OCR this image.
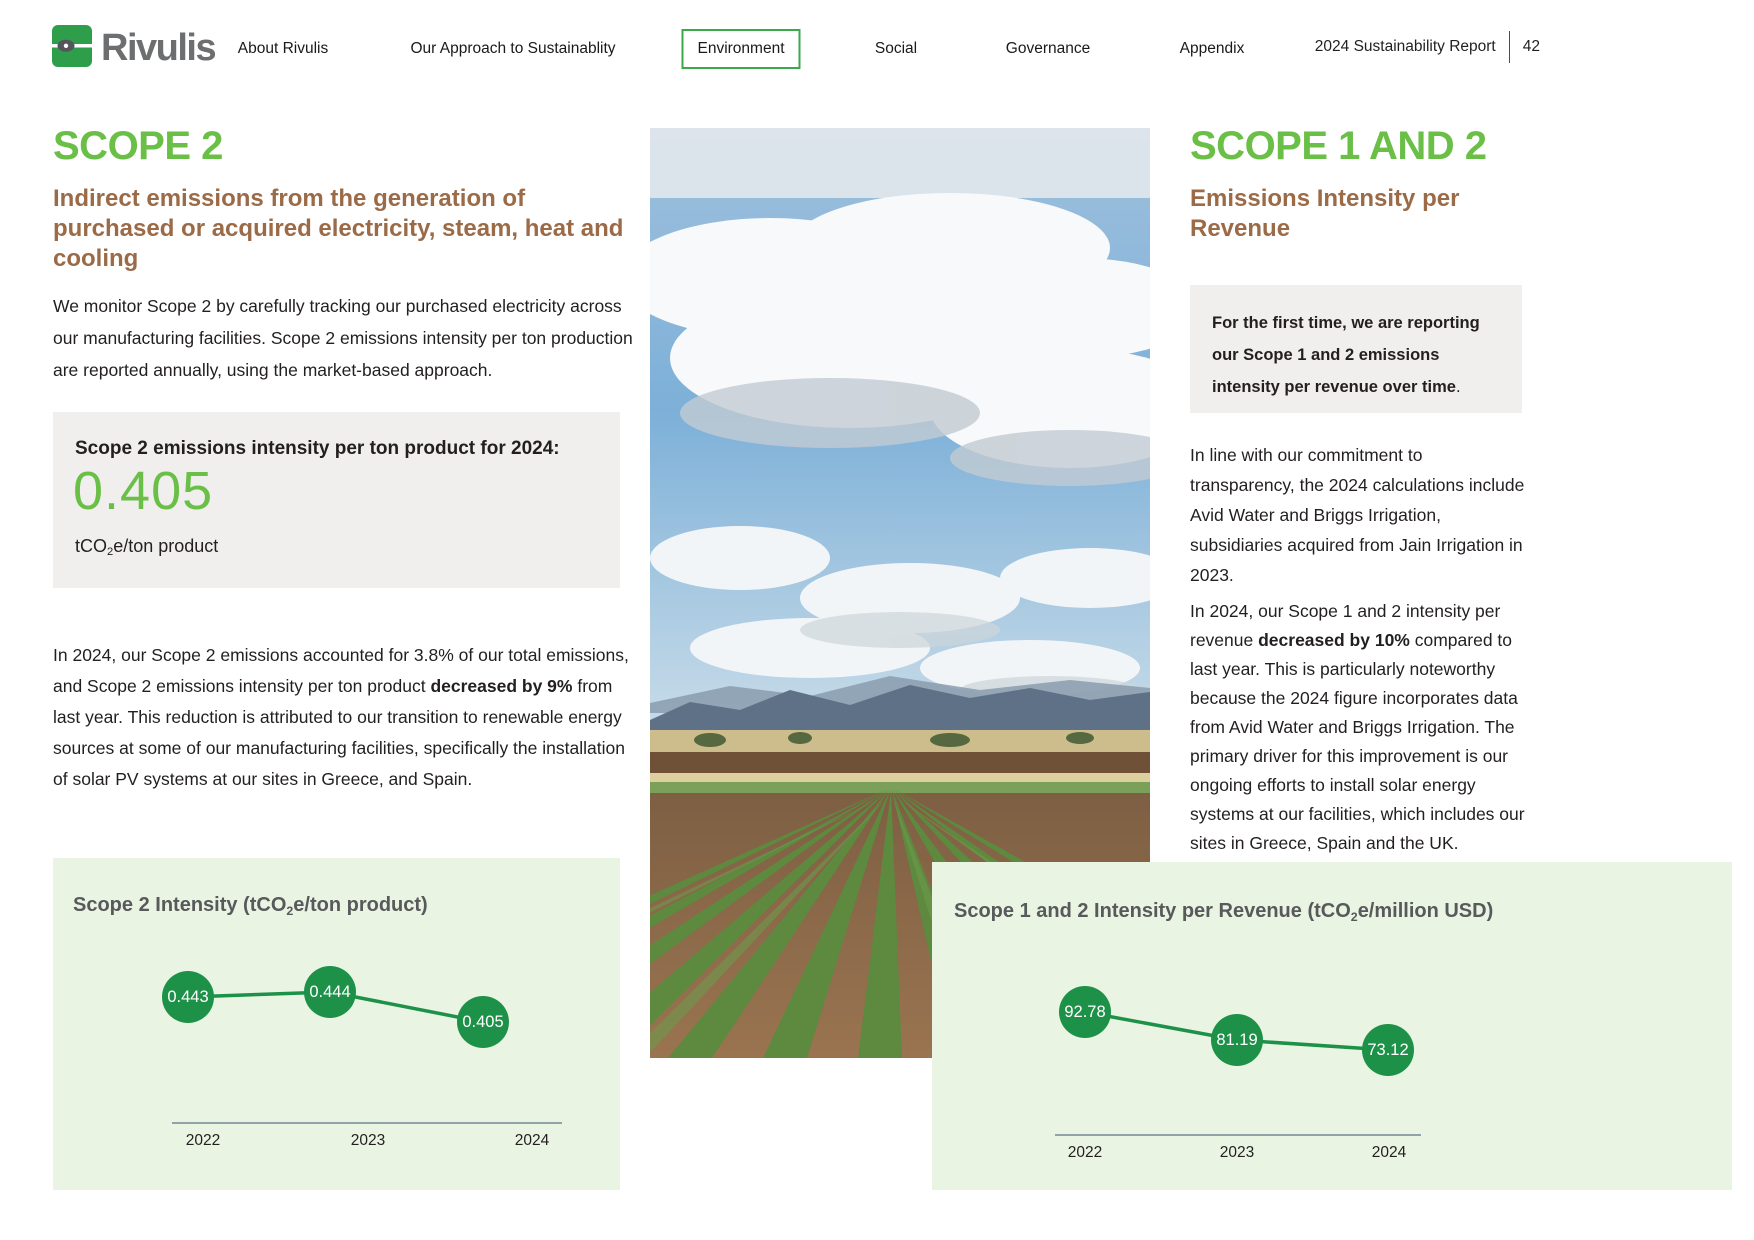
Rivulis About Rivulis	Our Approach to Sustainablity	Environment	Social	Governance	Appendix	2024 Sustainability Report 42
SCOPE 2
Indirect emissions from the generation of purchased or acquired electricity, steam, heat and cooling
We monitor Scope 2 by carefully tracking our purchased electricity across our manufacturing facilities. Scope 2 emissions intensity per ton production are reported annually, using the market-based approach.
Scope 2 emissions intensity per ton product for 2024:
0.405
tCO$_2$e/ton product
In 2024, our Scope 2 emissions accounted for 3.8% of our total emissions, and Scope 2 emissions intensity per ton product decreased by 9% from last year. This reduction is attributed to our transition to renewable energy sources at some of our manufacturing facilities, specifically the installation of solar PV systems at our sites in Greece, and Spain.
SCOPE 1 AND 2
Emissions Intensity per Revenue
For the first time, we are reporting our Scope 1 and 2 emissions intensity per revenue over time.
In line with our commitment to transparency, the 2024 calculations include Avid Water and Briggs Irrigation, subsidiaries acquired from Jain Irrigation in 2023.
In 2024, our Scope 1 and 2 intensity per revenue decreased by 10% compared to last year. This is particularly noteworthy because the 2024 figure incorporates data from Avid Water and Briggs Irrigation. The primary driver for this improvement is our ongoing efforts to install solar energy systems at our facilities, which includes our sites in Greece, Spain and the UK.
Scope 2 Intensity (tCO$_2$e/ton product)
0.443	0.444
0.405
2022	2023	2024
Scope 1 and 2 Intensity per Revenue (tCO$_2$e/million USD)
92.78
81.19
73.12
2022	2023	2024
